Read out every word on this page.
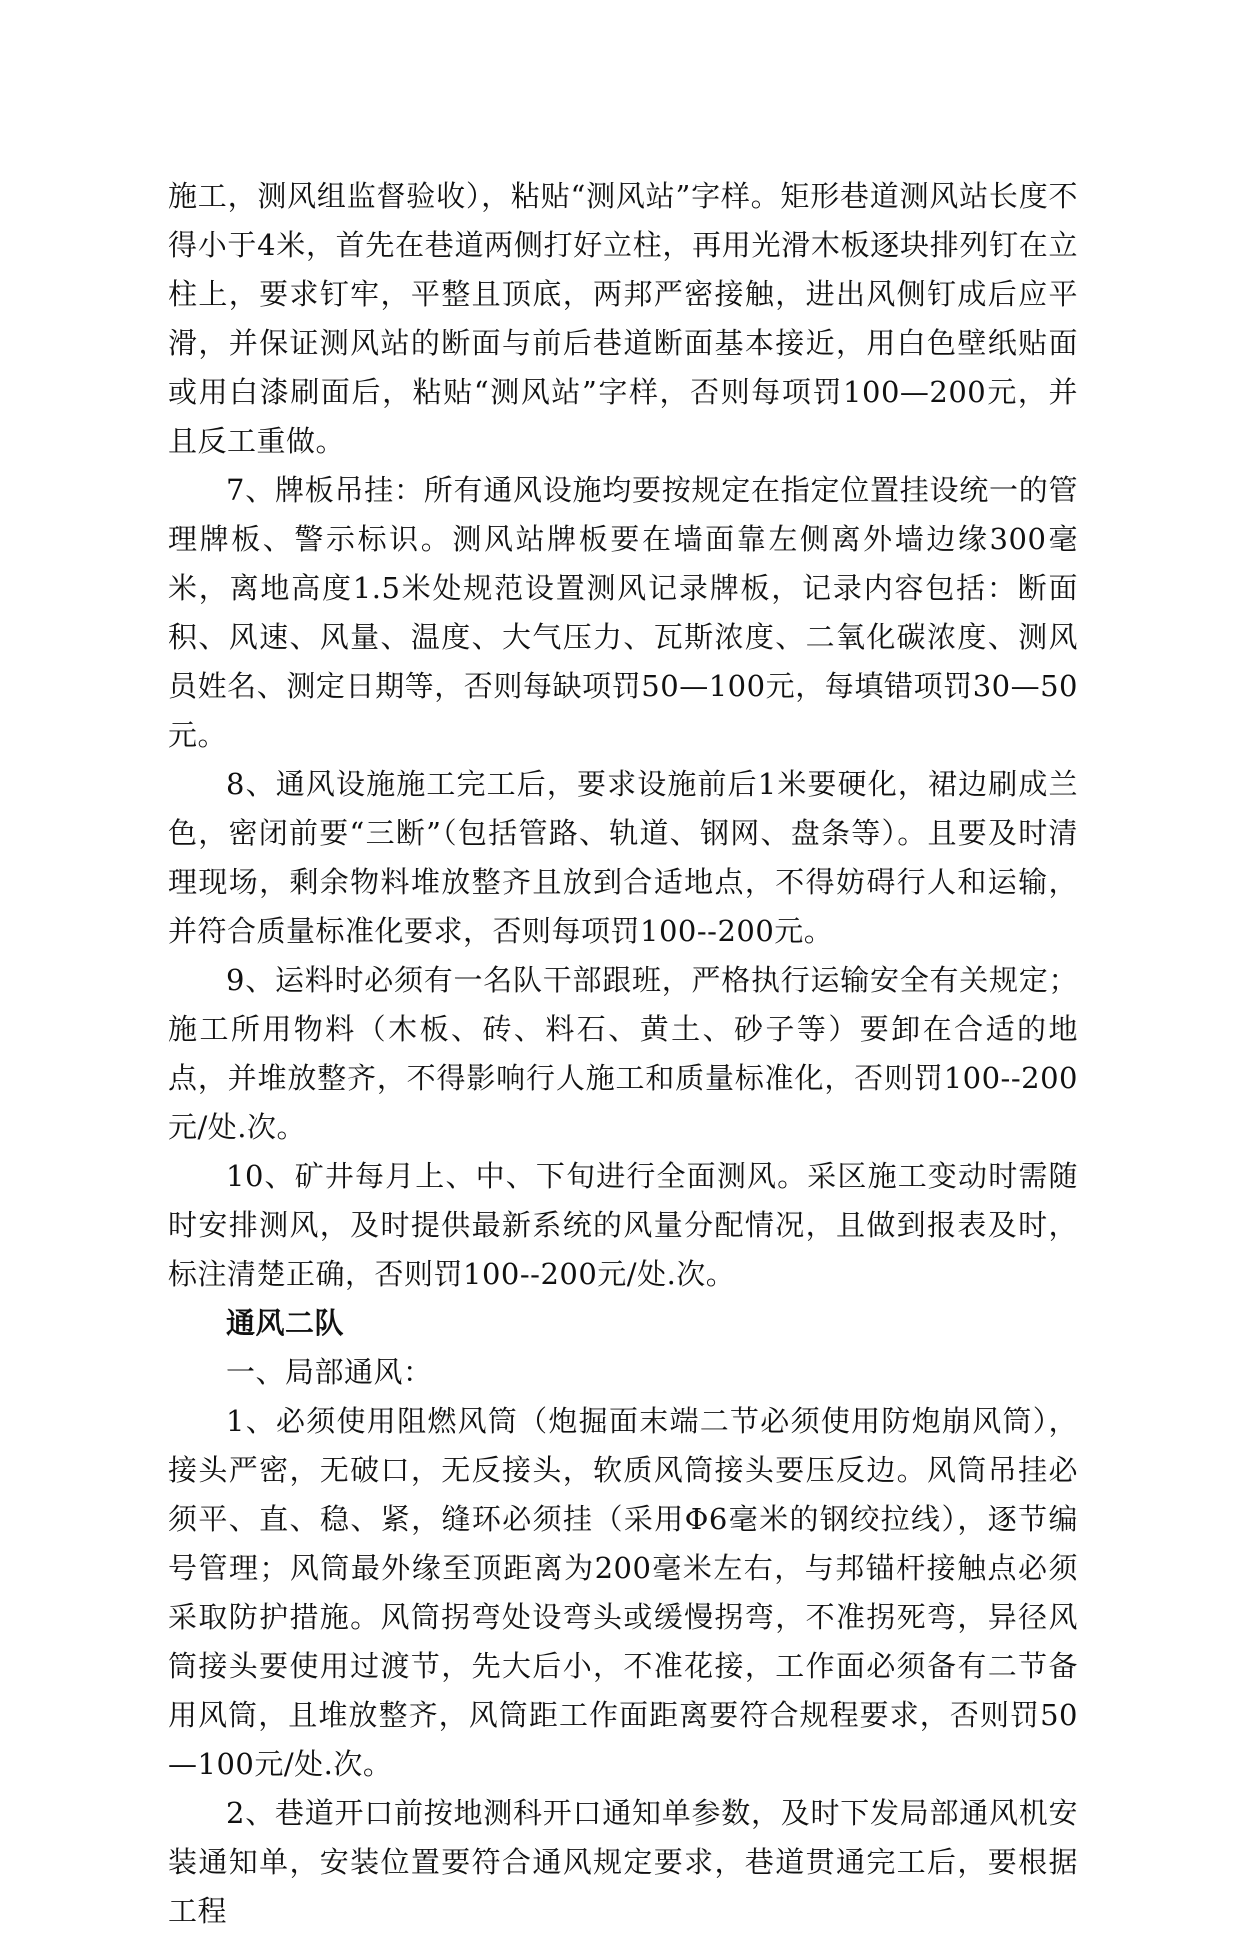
施工，测风组监督验收），粘贴“测风站”字样。矩形巷道测风站长度不得小于4米，首先在巷道两侧打好立柱，再用光滑木板逐块排列钉在立柱上，要求钉牢，平整且顶底，两邦严密接触，进出风侧钉成后应平滑，并保证测风站的断面与前后巷道断面基本接近，用白色壁纸贴面或用白漆刷面后，粘贴“测风站”字样，否则每项罚100—200元，并且反工重做。

7、牌板吊挂：所有通风设施均要按规定在指定位置挂设统一的管理牌板、警示标识。测风站牌板要在墙面靠左侧离外墙边缘300毫米，离地高度1.5米处规范设置测风记录牌板，记录内容包括：断面积、风速、风量、温度、大气压力、瓦斯浓度、二氧化碳浓度、测风员姓名、测定日期等，否则每缺项罚50—100元，每填错项罚30—50元。

8、通风设施施工完工后，要求设施前后1米要硬化，裙边刷成兰色，密闭前要“三断”（包括管路、轨道、钢网、盘条等）。且要及时清理现场，剩余物料堆放整齐且放到合适地点，不得妨碍行人和运输，并符合质量标准化要求，否则每项罚100--200元。

9、运料时必须有一名队干部跟班，严格执行运输安全有关规定；施工所用物料（木板、砖、料石、黄土、砂子等）要卸在合适的地点，并堆放整齐，不得影响行人施工和质量标准化，否则罚100--200元/处.次。

10、矿井每月上、中、下旬进行全面测风。采区施工变动时需随时安排测风，及时提供最新系统的风量分配情况，且做到报表及时，标注清楚正确，否则罚100--200元/处.次。

通风二队

一、局部通风：

1、必须使用阻燃风筒（炮掘面末端二节必须使用防炮崩风筒），接头严密，无破口，无反接头，软质风筒接头要压反边。风筒吊挂必须平、直、稳、紧，缝环必须挂（采用Φ6毫米的钢绞拉线），逐节编号管理；风筒最外缘至顶距离为200毫米左右，与邦锚杆接触点必须采取防护措施。风筒拐弯处设弯头或缓慢拐弯，不准拐死弯，异径风筒接头要使用过渡节，先大后小，不准花接，工作面必须备有二节备用风筒，且堆放整齐，风筒距工作面距离要符合规程要求，否则罚50—100元/处.次。

2、巷道开口前按地测科开口通知单参数，及时下发局部通风机安装通知单，安装位置要符合通风规定要求，巷道贯通完工后，要根据工程
